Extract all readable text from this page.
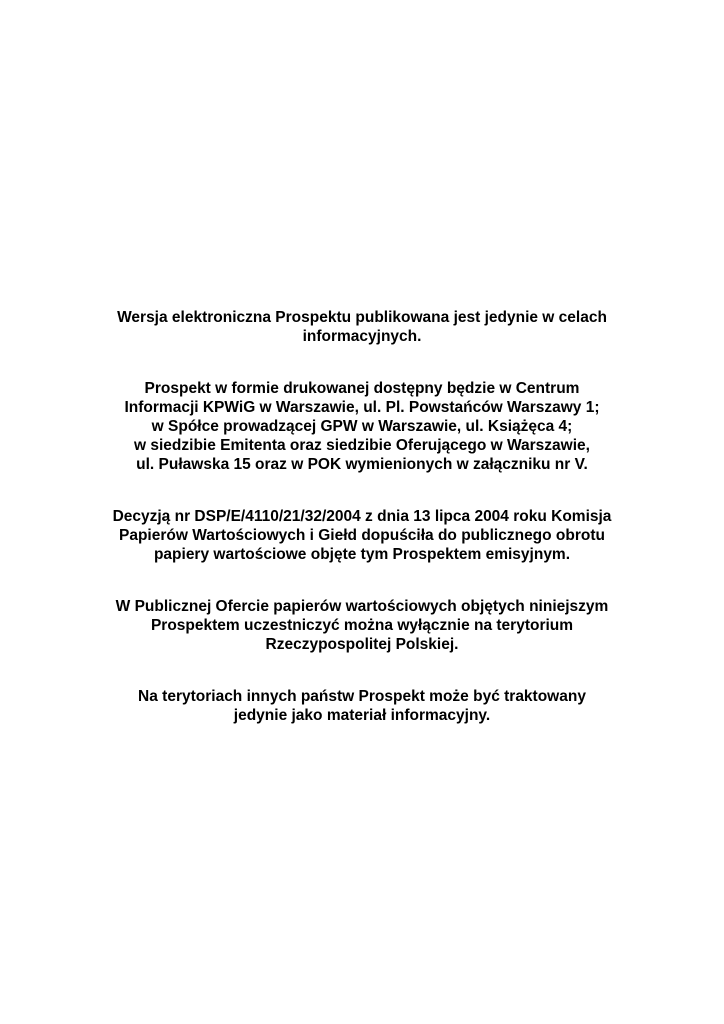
Wersja elektroniczna Prospektu publikowana jest jedynie w celach
informacyjnych.

Prospekt w formie drukowanej dostępny będzie w Centrum
Informacji KPWiG w Warszawie, ul. Pl. Powstańców Warszawy 1;
w Spółce prowadzącej GPW w Warszawie, ul. Książęca 4;
w siedzibie Emitenta oraz siedzibie Oferującego w Warszawie,
ul. Puławska 15 oraz w POK wymienionych w załączniku nr V.

Decyzją nr DSP/E/4110/21/32/2004 z dnia 13 lipca 2004 roku Komisja
Papierów Wartościowych i Giełd dopuściła do publicznego obrotu
papiery wartościowe objęte tym Prospektem emisyjnym.

W Publicznej Ofercie papierów wartościowych objętych niniejszym
Prospektem uczestniczyć można wyłącznie na terytorium
Rzeczypospolitej Polskiej.

Na terytoriach innych państw Prospekt może być traktowany
jedynie jako materiał informacyjny.
